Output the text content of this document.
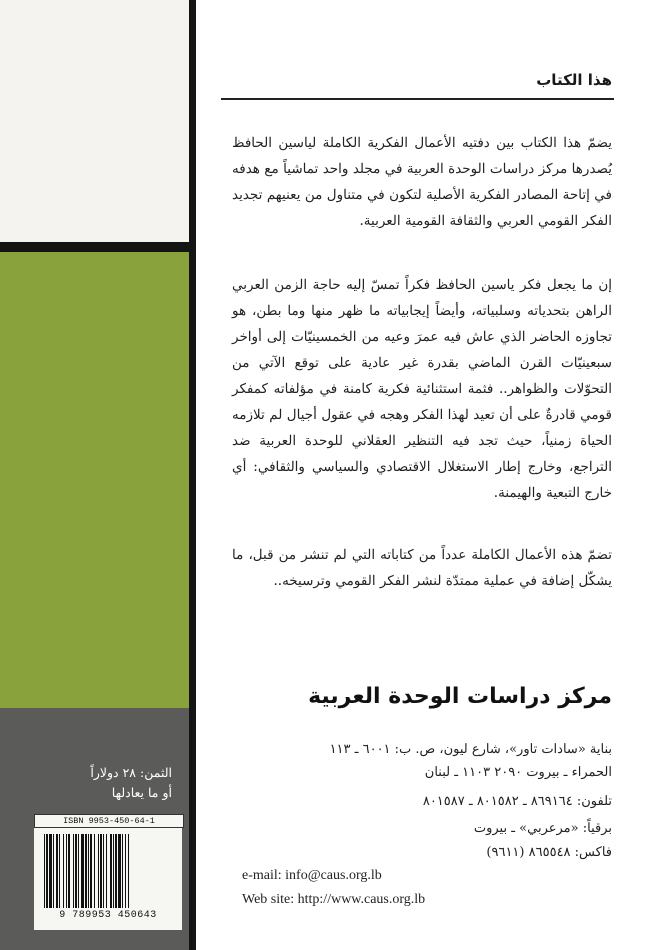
هذا الكتاب
يضمّ هذا الكتاب بين دفتيه الأعمال الفكرية الكاملة لياسين الحافظ يُصدرها مركز دراسات الوحدة العربية في مجلد واحد تماشياً مع هدفه في إتاحة المصادر الفكرية الأصلية لتكون في متناول من يعنيهم تجديد الفكر القومي العربي والثقافة القومية العربية.
إن ما يجعل فكر ياسين الحافظ فكراً تمسّ إليه حاجة الزمن العربي الراهن بتحدياته وسلبياته، وأيضاً إيجابياته ما ظهر منها وما بطن، هو تجاوزه الحاضر الذي عاش فيه عمرَ وعيه من الخمسينيّات إلى أواخر سبعينيّات القرن الماضي بقدرة غير عادية على توقع الآتي من التحوّلات والظواهر.. فثمة استثنائية فكرية كامنة في مؤلفاته كمفكر قومي قادرةٌ على أن تعيد لهذا الفكر وهجه في عقول أجيال لم تلازمه الحياة زمنياً، حيث تجد فيه التنظير العقلاني للوحدة العربية ضد التراجع، وخارج إطار الاستغلال الاقتصادي والسياسي والثقافي: أي خارج التبعية والهيمنة.
تضمّ هذه الأعمال الكاملة عدداً من كتاباته التي لم تنشر من قبل، ما يشكّل إضافة في عملية ممتدّة لنشر الفكر القومي وترسيخه..
مركز دراسات الوحدة العربية
بناية «سادات تاور»، شارع ليون، ص. ب: ٦٠٠١ ـ ١١٣
الحمراء ـ بيروت ٢٠٩٠ ١١٠٣ ـ لبنان
تلفون: ٨٦٩١٦٤ ـ ٨٠١٥٨٢ ـ ٨٠١٥٨٧
برقياً: «مرعربي» ـ بيروت
فاكس: ٨٦٥٥٤٨ (٩٦١١)
e-mail: info@caus.org.lb
Web site: http://www.caus.org.lb
الثمن: ٢٨ دولاراً
أو ما يعادلها
ISBN 9953-450-64-1
9 789953 450643
